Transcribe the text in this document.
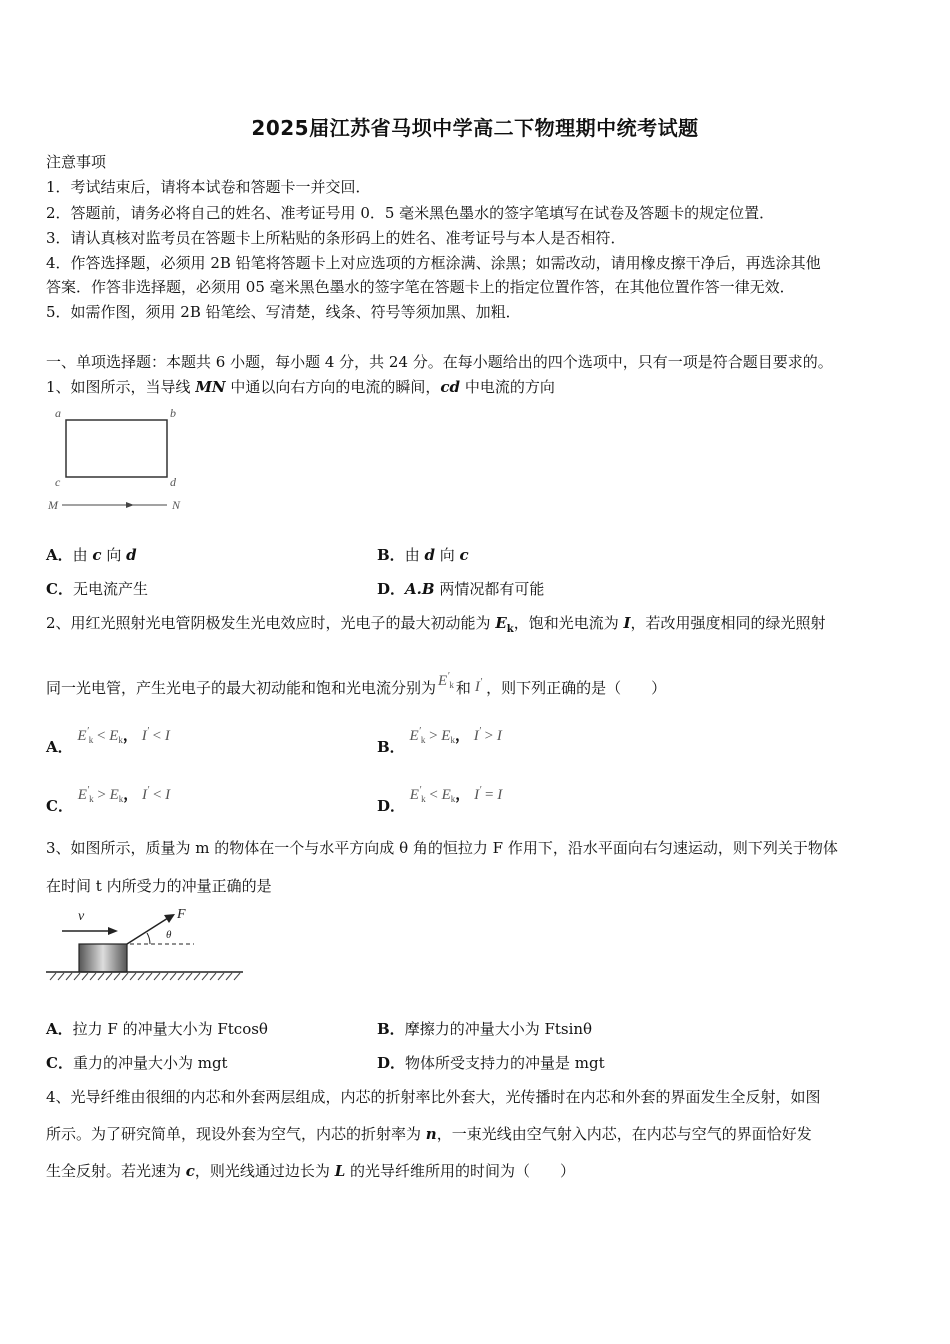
2025届江苏省马坝中学高二下物理期中统考试题
注意事项
1．考试结束后，请将本试卷和答题卡一并交回．
2．答题前，请务必将自己的姓名、准考证号用 0．5 毫米黑色墨水的签字笔填写在试卷及答题卡的规定位置．
3．请认真核对监考员在答题卡上所粘贴的条形码上的姓名、准考证号与本人是否相符．
4．作答选择题，必须用 2B 铅笔将答题卡上对应选项的方框涂满、涂黑；如需改动，请用橡皮擦干净后，再选涂其他
答案．作答非选择题，必须用 05 毫米黑色墨水的签字笔在答题卡上的指定位置作答，在其他位置作答一律无效．
5．如需作图，须用 2B 铅笔绘、写清楚，线条、符号等须加黑、加粗．
一、单项选择题：本题共 6 小题，每小题 4 分，共 24 分。在每小题给出的四个选项中，只有一项是符合题目要求的。
1、如图所示，当导线 MN 中通以向右方向的电流的瞬间，cd 中电流的方向
a	b
c	d
M	N
A．由 c 向 d	B．由 d 向 c
C．无电流产生	D．A.B 两情况都有可能
2、用红光照射光电管阴极发生光电效应时，光电子的最大初动能为 $E_k$，饱和光电流为 I，若改用强度相同的绿光照射
同一光电管，产生光电子的最大初动能和饱和光电流分别为 $E'_k$ 和 I′ ，则下列正确的是（　　）
A． $E'_k < E_k$， I′ < I
B． $E'_k > E_k$， I′ > I
C． $E'_k > E_k$， I′ < I
D． $E'_k < E_k$， I′ = I
3、如图所示，质量为 m 的物体在一个与水平方向成 θ 角的恒拉力 F 作用下，沿水平面向右匀速运动，则下列关于物体
在时间 t 内所受力的冲量正确的是
v	F
θ
A．拉力 F 的冲量大小为 Ftcosθ	B．摩擦力的冲量大小为 Ftsinθ
C．重力的冲量大小为 mgt	D．物体所受支持力的冲量是 mgt
4、光导纤维由很细的内芯和外套两层组成，内芯的折射率比外套大，光传播时在内芯和外套的界面发生全反射，如图
所示。为了研究简单，现设外套为空气，内芯的折射率为 n，一束光线由空气射入内芯，在内芯与空气的界面恰好发
生全反射。若光速为 c，则光线通过边长为 L 的光导纤维所用的时间为（　　）
